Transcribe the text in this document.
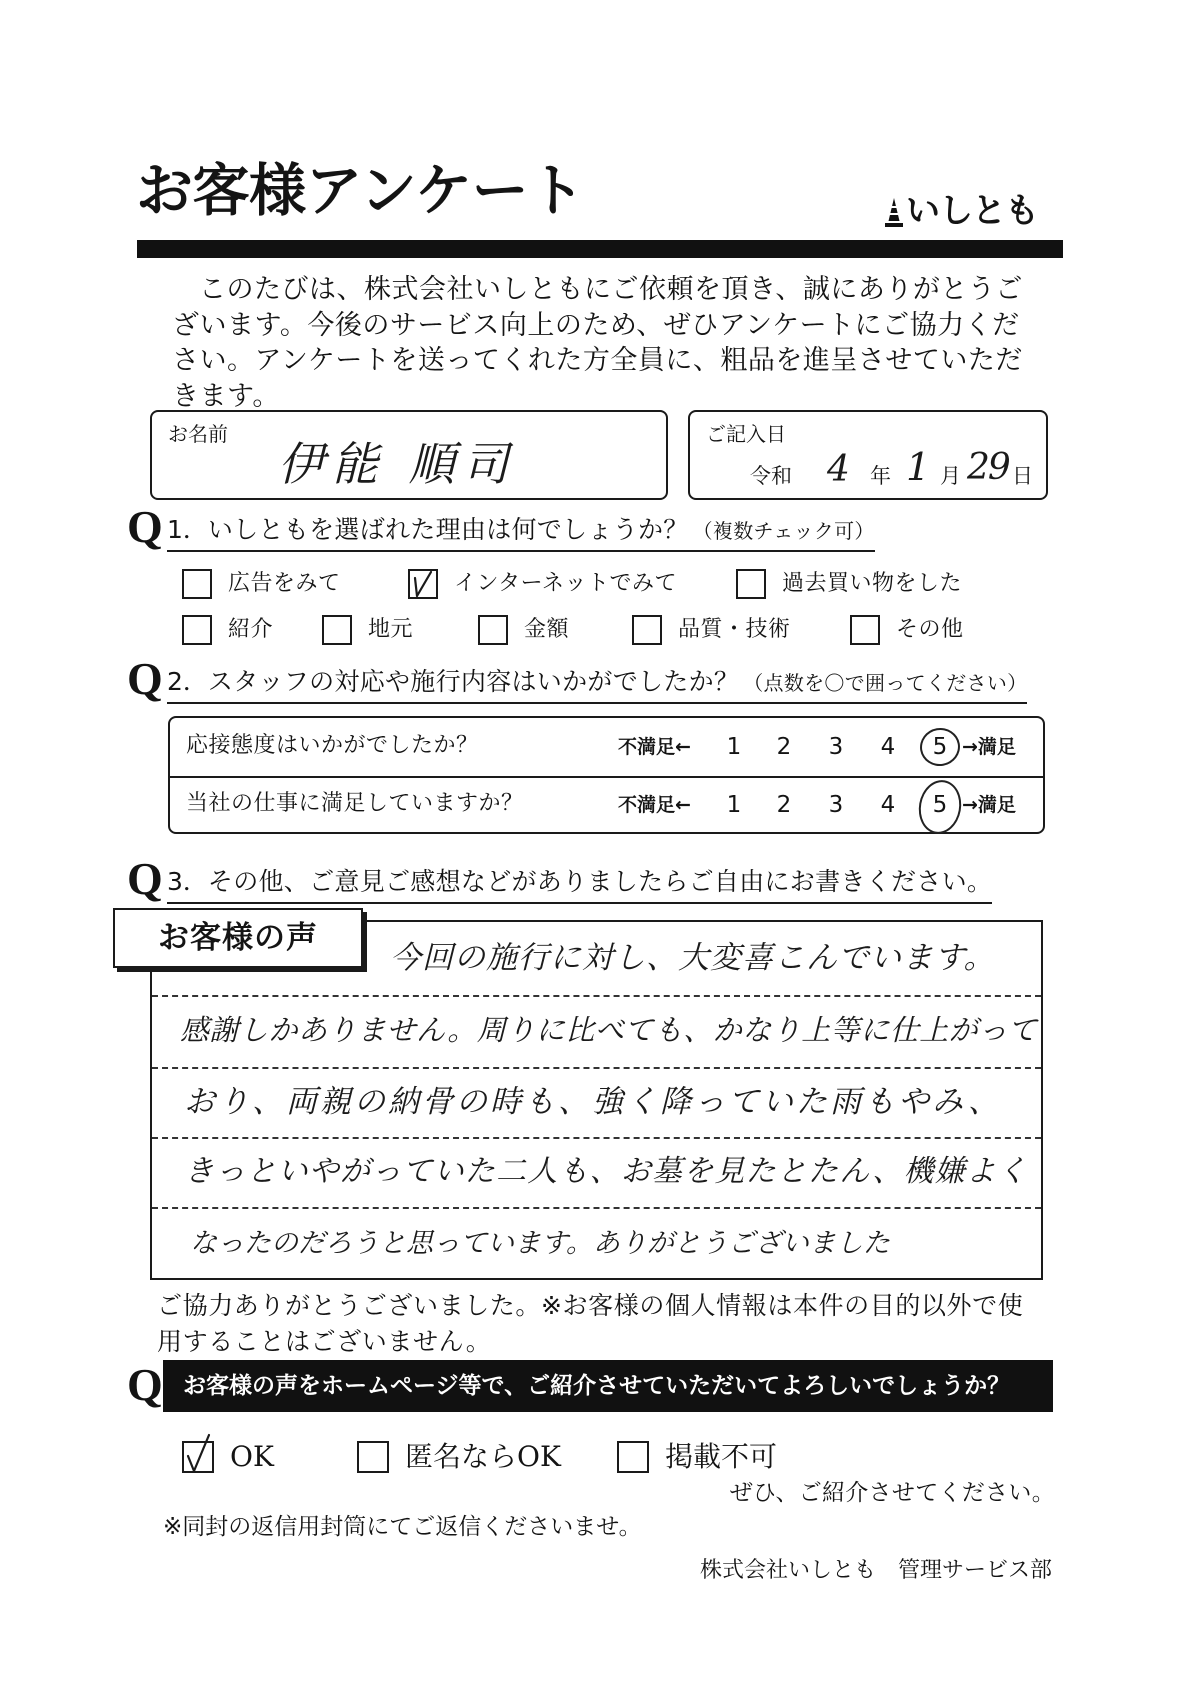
お客様アンケート	いしとも
このたびは、株式会社いしともにご依頼を頂き、誠にありがとうご
ざいます。今後のサービス向上のため、ぜひアンケートにご協力くだ
さい。アンケートを送ってくれた方全員に、粗品を進呈させていただ
きます。
お名前
伊能 順司
ご記入日
令和 4 年 1 月 29 日
Q 1．いしともを選ばれた理由は何でしょうか？ （複数チェック可）
広告をみて	インターネットでみて	過去買い物をした
紹介	地元	金額	品質・技術	その他
Q 2．スタッフの対応や施行内容はいかがでしたか？ （点数を〇で囲ってください）
応接態度はいかがでしたか？	不満足← 1 2 3 4 5 →満足
当社の仕事に満足していますか？	不満足← 1 2 3 4 5 →満足
Q 3．その他、ご意見ご感想などがありましたらご自由にお書きください。
今回の施行に対し、大変喜こんでいます。
感謝しかありません。周りに比べても、かなり上等に仕上がって
おり、両親の納骨の時も、強く降っていた雨もやみ、
きっといやがっていた二人も、お墓を見たとたん、機嫌よく
なったのだろうと思っています。ありがとうございました
お客様の声
ご協力ありがとうございました。※お客様の個人情報は本件の目的以外で使
用することはございません。
Q お客様の声をホームページ等で、ご紹介させていただいてよろしいでしょうか？
OK	匿名ならOK	掲載不可
ぜひ、ご紹介させてください。
※同封の返信用封筒にてご返信くださいませ。
株式会社いしとも　管理サービス部
